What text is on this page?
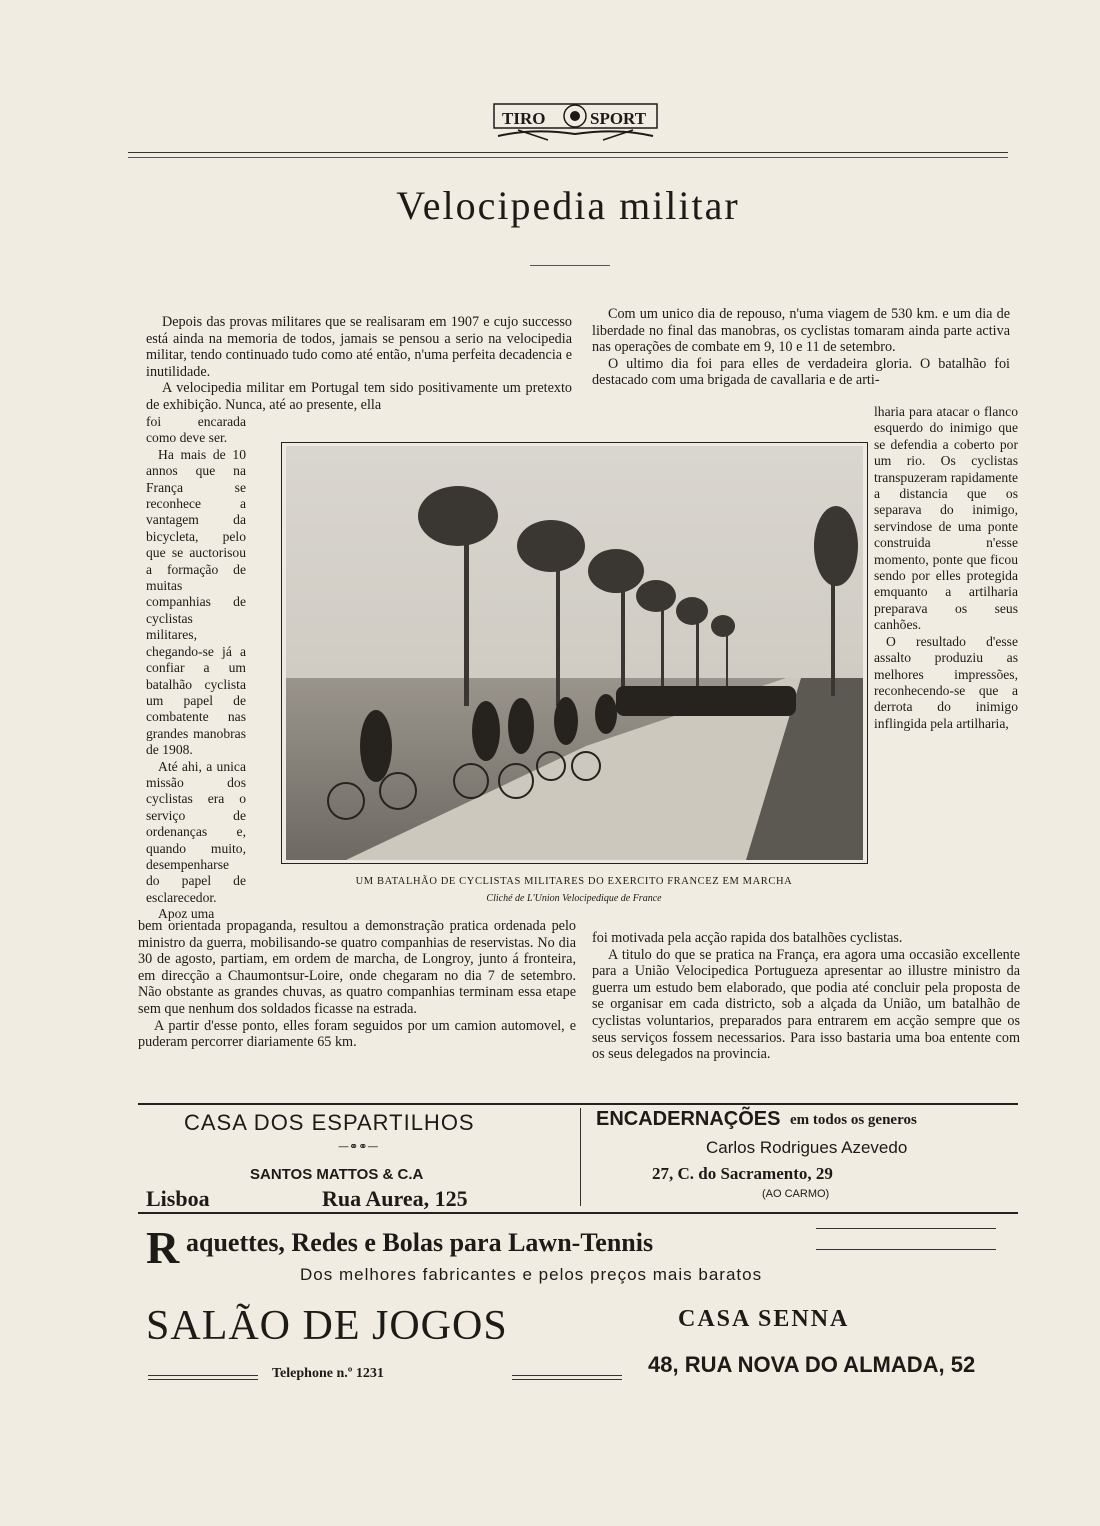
TIRO	SPORT
Velocipedia militar

Depois das provas militares que se realisaram em 1907 e cujo successo está ainda na memoria de todos, jamais se pensou a serio na velocipedia militar, tendo continuado tudo como até então, n'uma perfeita decadencia e inutilidade.

A velocipedia militar em Portugal tem sido positivamente um pretexto de exhibição. Nunca, até ao presente, ella

Com um unico dia de repouso, n'uma viagem de 530 km. e um dia de liberdade no final das manobras, os cyclistas tomaram ainda parte activa nas operações de combate em 9, 10 e 11 de setembro.

O ultimo dia foi para elles de verdadeira gloria. O batalhão foi destacado com uma brigada de cavallaria e de arti-

foi encarada como deve ser.

Ha mais de 10 annos que na França se reconhece a vantagem da bicycleta, pelo que se auctorisou a formação de muitas companhias de cyclistas militares, chegando-se já a confiar a um batalhão cyclista um papel de combatente nas grandes manobras de 1908.

Até ahi, a unica missão dos cyclistas era o serviço de ordenanças e, quando muito, desempenharse do papel de esclarecedor.

Apoz uma

lharia para atacar o flanco esquerdo do inimigo que se defendia a coberto por um rio. Os cyclistas transpuzeram rapidamente a distancia que os separava do inimigo, servindose de uma ponte construida n'esse momento, ponte que ficou sendo por elles protegida emquanto a artilharia preparava os seus canhões.

O resultado d'esse assalto produziu as melhores impressões, reconhecendo-se que a derrota do inimigo inflingida pela artilharia,

UM BATALHÃO DE CYCLISTAS MILITARES DO EXERCITO FRANCEZ EM MARCHA
Cliché de L'Union Velocipedique de France

bem orientada propaganda, resultou a demonstração pratica ordenada pelo ministro da guerra, mobilisando-se quatro companhias de reservistas. No dia 30 de agosto, partiam, em ordem de marcha, de Longroy, junto á fronteira, em direcção a Chaumontsur-Loire, onde chegaram no dia 7 de setembro. Não obstante as grandes chuvas, as quatro companhias terminam essa etape sem que nenhum dos soldados ficasse na estrada.

A partir d'esse ponto, elles foram seguidos por um camion automovel, e puderam percorrer diariamente 65 km.

foi motivada pela acção rapida dos batalhões cyclistas.

A titulo do que se pratica na França, era agora uma occasião excellente para a União Velocipedica Portugueza apresentar ao illustre ministro da guerra um estudo bem elaborado, que podia até concluir pela proposta de se organisar em cada districto, sob a alçada da União, um batalhão de cyclistas voluntarios, preparados para entrarem em acção sempre que os seus serviços fossem necessarios. Para isso bastaria uma boa entente com os seus delegados na provincia.

CASA DOS ESPARTILHOS
—⚭⚭—
SANTOS MATTOS & C.A
Lisboa	Rua Aurea, 125
ENCADERNAÇÕES em todos os generos
Carlos Rodrigues Azevedo
27, C. do Sacramento, 29
(AO CARMO)
R aquettes, Redes e Bolas para Lawn-Tennis
Dos melhores fabricantes e pelos preços mais baratos
SALÃO DE JOGOS	CASA SENNA
Telephone n.º 1231	48, RUA NOVA DO ALMADA, 52
